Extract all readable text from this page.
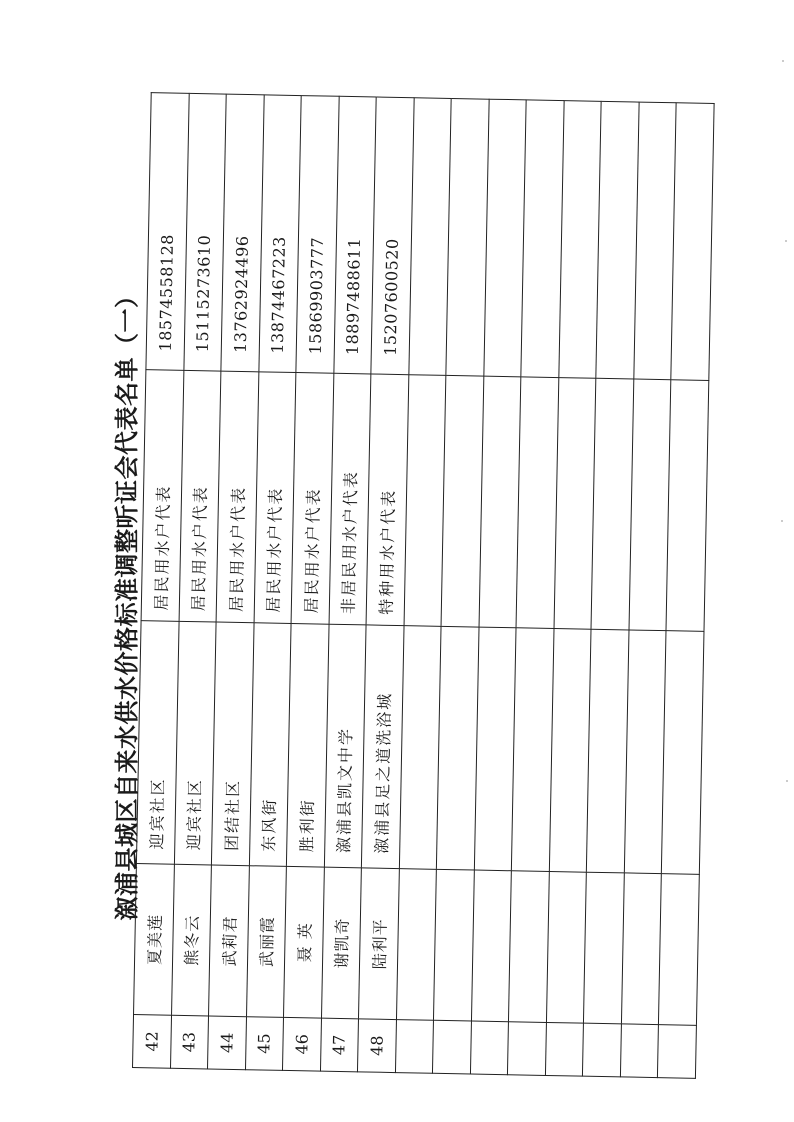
溆浦县城区自来水供水价格标准调整听证会代表名单（一）
42	夏美莲	迎宾社区	居民用水户代表	18574558128
43	熊冬云	迎宾社区	居民用水户代表	15115273610
44	武莉君	团结社区	居民用水户代表	13762924496
45	武丽霞	东风街	居民用水户代表	13874467223
46	聂 英	胜利街	居民用水户代表	15869903777
47	谢凯奇	溆浦县凯文中学	非居民用水户代表	18897488611
48	陆利平	溆浦县足之道洗浴城	特种用水户代表	15207600520
